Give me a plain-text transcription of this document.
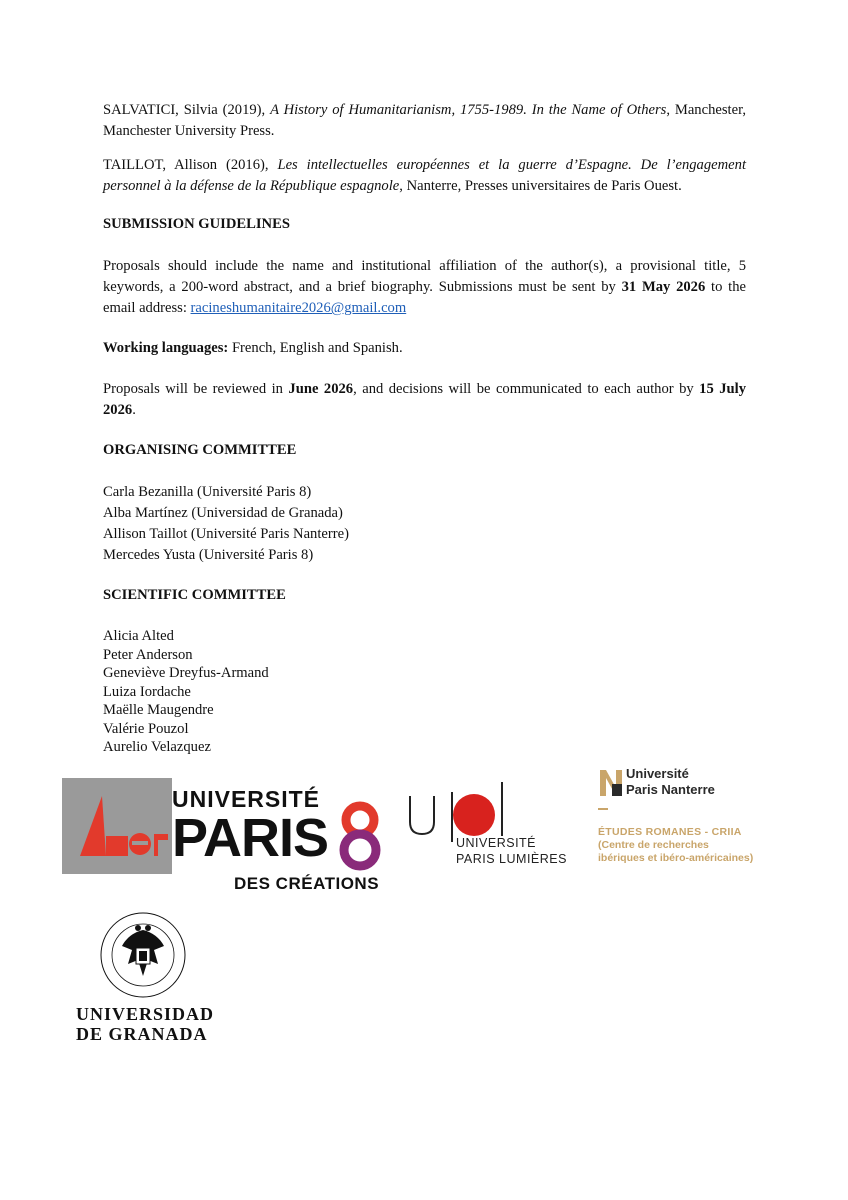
SALVATICI, Silvia (2019), A History of Humanitarianism, 1755-1989. In the Name of Others, Manchester, Manchester University Press.

TAILLOT, Allison (2016), Les intellectuelles européennes et la guerre d’Espagne. De l’engagement personnel à la défense de la République espagnole, Nanterre, Presses universitaires de Paris Ouest.

SUBMISSION GUIDELINES

Proposals should include the name and institutional affiliation of the author(s), a provisional title, 5 keywords, a 200-word abstract, and a brief biography. Submissions must be sent by 31 May 2026 to the email address: racineshumanitaire2026@gmail.com

Working languages: French, English and Spanish.

Proposals will be reviewed in June 2026, and decisions will be communicated to each author by 15 July 2026.

ORGANISING COMMITTEE
Carla Bezanilla (Université Paris 8)
Alba Martínez (Universidad de Granada)
Allison Taillot (Université Paris Nanterre)
Mercedes Yusta (Université Paris 8)
SCIENTIFIC COMMITTEE
Alicia Alted
Peter Anderson
Geneviève Dreyfus-Armand
Luiza Iordache
Maëlle Maugendre
Valérie Pouzol
Aurelio Velazquez
UNIVERSITÉ
PARIS
DES CRÉATIONS
UNIVERSITÉ
PARIS LUMIÈRES
Université
Paris Nanterre
ÉTUDES ROMANES - CRIIA
(Centre de recherches
ibériques et ibéro-américaines)
UNIVERSIDAD
DE GRANADA
